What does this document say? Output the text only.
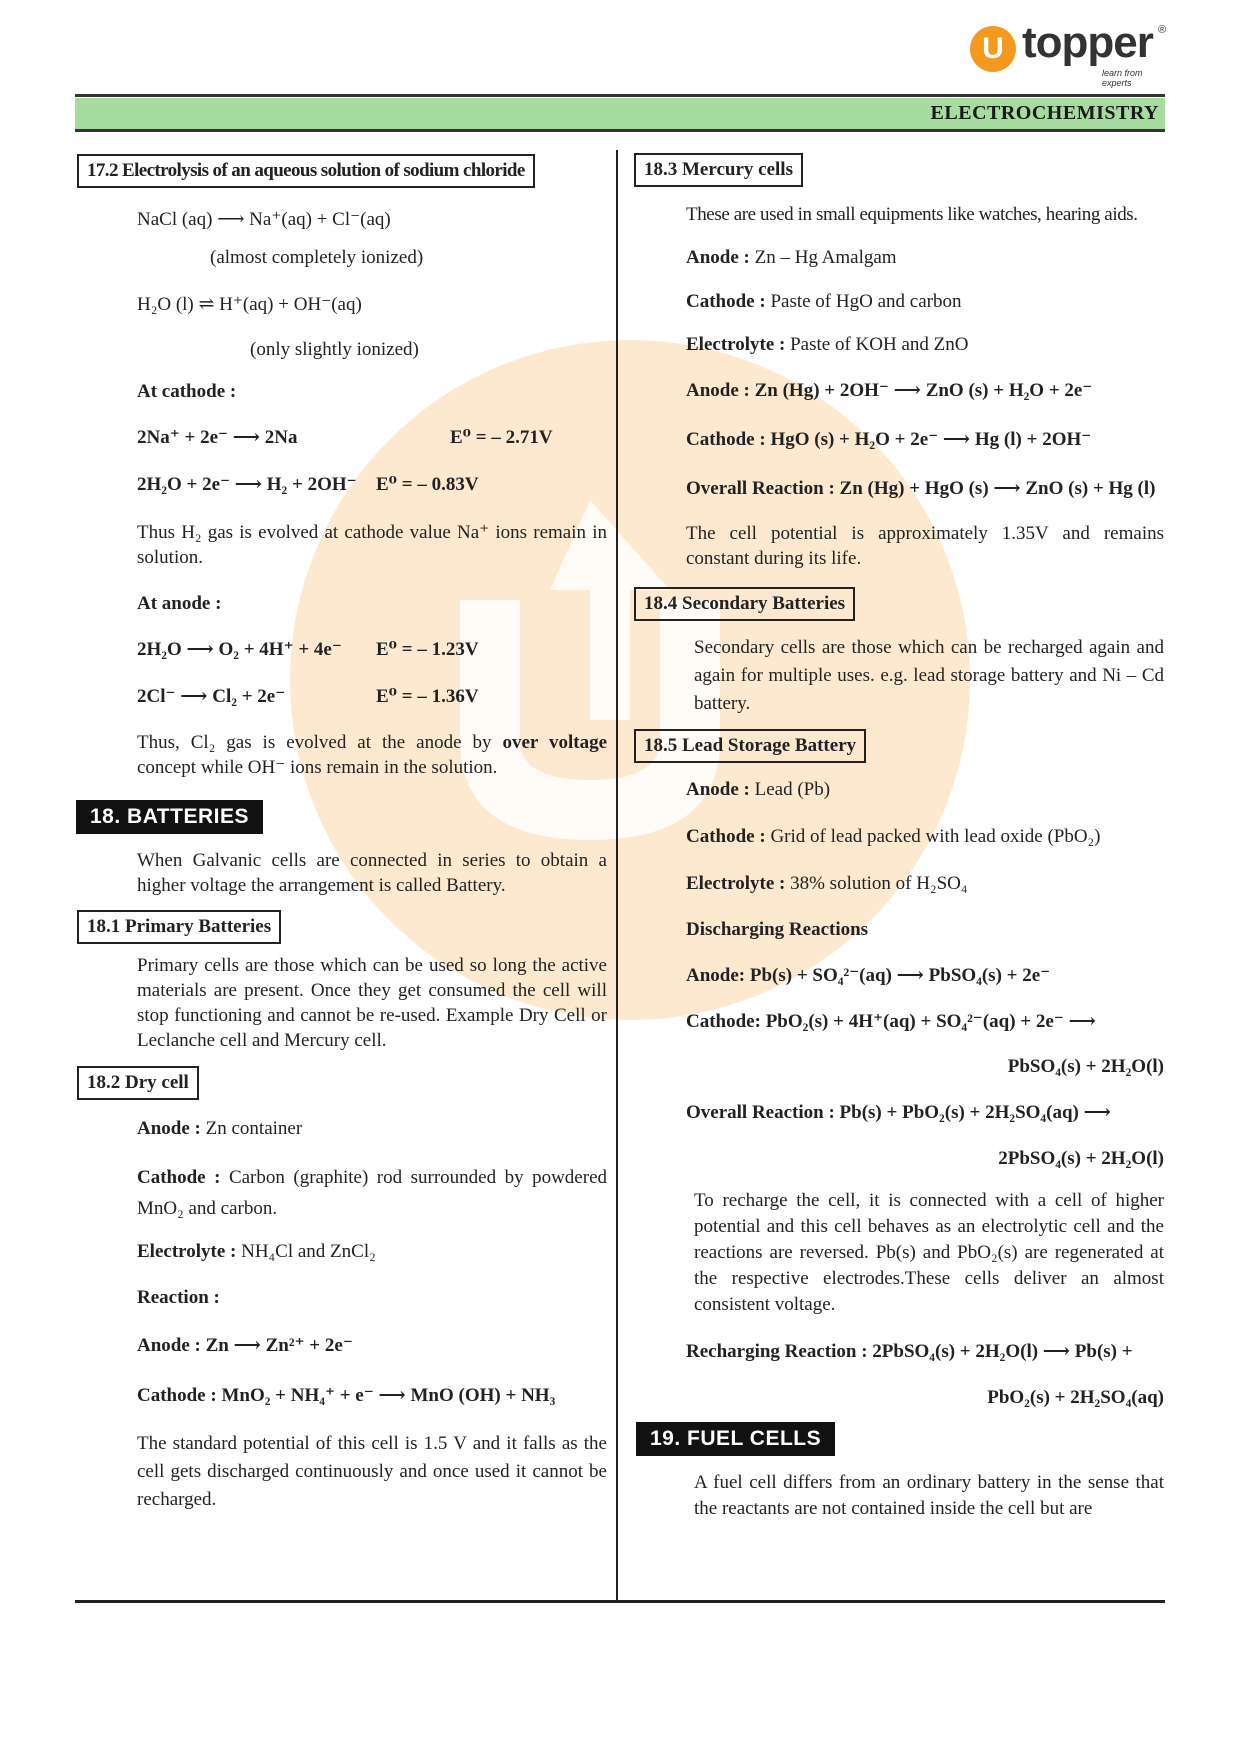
U topper
learn from experts
®
ELECTROCHEMISTRY
17.2 Electrolysis of an aqueous solution of sodium chloride
NaCl (aq) ⟶ Na⁺(aq) + Cl⁻(aq)
(almost completely ionized)
H₂O (l) ⇌ H⁺(aq) + OH⁻(aq)
(only slightly ionized)
At cathode :
2Na⁺ + 2e⁻ ⟶ 2Na	E⁰ = – 2.71V
2H₂O + 2e⁻ ⟶ H₂ + 2OH⁻ E⁰ = – 0.83V
Thus H₂ gas is evolved at cathode value Na⁺ ions remain in solution.
At anode :
2H₂O ⟶ O₂ + 4H⁺ + 4e⁻ E⁰ = – 1.23V
2Cl⁻ ⟶ Cl₂ + 2e⁻	E⁰ = – 1.36V
Thus, Cl₂ gas is evolved at the anode by over voltage concept while OH⁻ ions remain in the solution.
18. BATTERIES
When Galvanic cells are connected in series to obtain a higher voltage the arrangement is called Battery.
18.1 Primary Batteries
Primary cells are those which can be used so long the active materials are present. Once they get consumed the cell will stop functioning and cannot be re-used. Example Dry Cell or Leclanche cell and Mercury cell.
18.2 Dry cell
Anode : Zn container
Cathode : Carbon (graphite) rod surrounded by powdered MnO₂ and carbon.
Electrolyte : NH₄Cl and ZnCl₂
Reaction :
Anode : Zn ⟶ Zn²⁺ + 2e⁻
Cathode : MnO₂ + NH₄⁺ + e⁻ ⟶ MnO (OH) + NH₃
The standard potential of this cell is 1.5 V and it falls as the cell gets discharged continuously and once used it cannot be recharged.
18.3 Mercury cells
These are used in small equipments like watches, hearing aids.
Anode : Zn – Hg Amalgam
Cathode : Paste of HgO and carbon
Electrolyte : Paste of KOH and ZnO
Anode : Zn (Hg) + 2OH⁻ ⟶ ZnO (s) + H₂O + 2e⁻
Cathode : HgO (s) + H₂O + 2e⁻ ⟶ Hg (l) + 2OH⁻
Overall Reaction : Zn (Hg) + HgO (s) ⟶ ZnO (s) + Hg (l)
The cell potential is approximately 1.35V and remains constant during its life.
18.4 Secondary Batteries
Secondary cells are those which can be recharged again and again for multiple uses. e.g. lead storage battery and Ni – Cd battery.
18.5 Lead Storage Battery
Anode : Lead (Pb)
Cathode : Grid of lead packed with lead oxide (PbO₂)
Electrolyte : 38% solution of H₂SO₄
Discharging Reactions
Anode: Pb(s) + SO₄²⁻(aq) ⟶ PbSO₄(s) + 2e⁻
Cathode: PbO₂(s) + 4H⁺(aq) + SO₄²⁻(aq) + 2e⁻ ⟶
PbSO₄(s) + 2H₂O(l)
Overall Reaction : Pb(s) + PbO₂(s) + 2H₂SO₄(aq) ⟶
2PbSO₄(s) + 2H₂O(l)
To recharge the cell, it is connected with a cell of higher potential and this cell behaves as an electrolytic cell and the reactions are reversed. Pb(s) and PbO₂(s) are regenerated at the respective electrodes.These cells deliver an almost consistent voltage.
Recharging Reaction : 2PbSO₄(s) + 2H₂O(l) ⟶ Pb(s) +
PbO₂(s) + 2H₂SO₄(aq)
19. FUEL CELLS
A fuel cell differs from an ordinary battery in the sense that the reactants are not contained inside the cell but are
